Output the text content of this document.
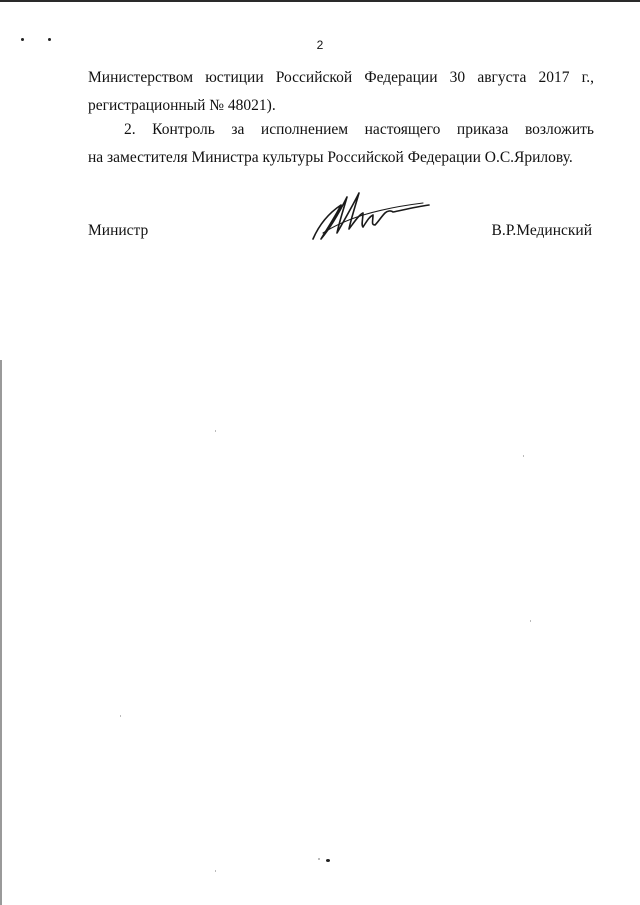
2
Министерством юстиции Российской Федерации 30 августа 2017 г.,
регистрационный № 48021).
2. Контроль за исполнением настоящего приказа возложить
на заместителя Министра культуры Российской Федерации О.С.Ярилову.
Министр	В.Р.Мединский
